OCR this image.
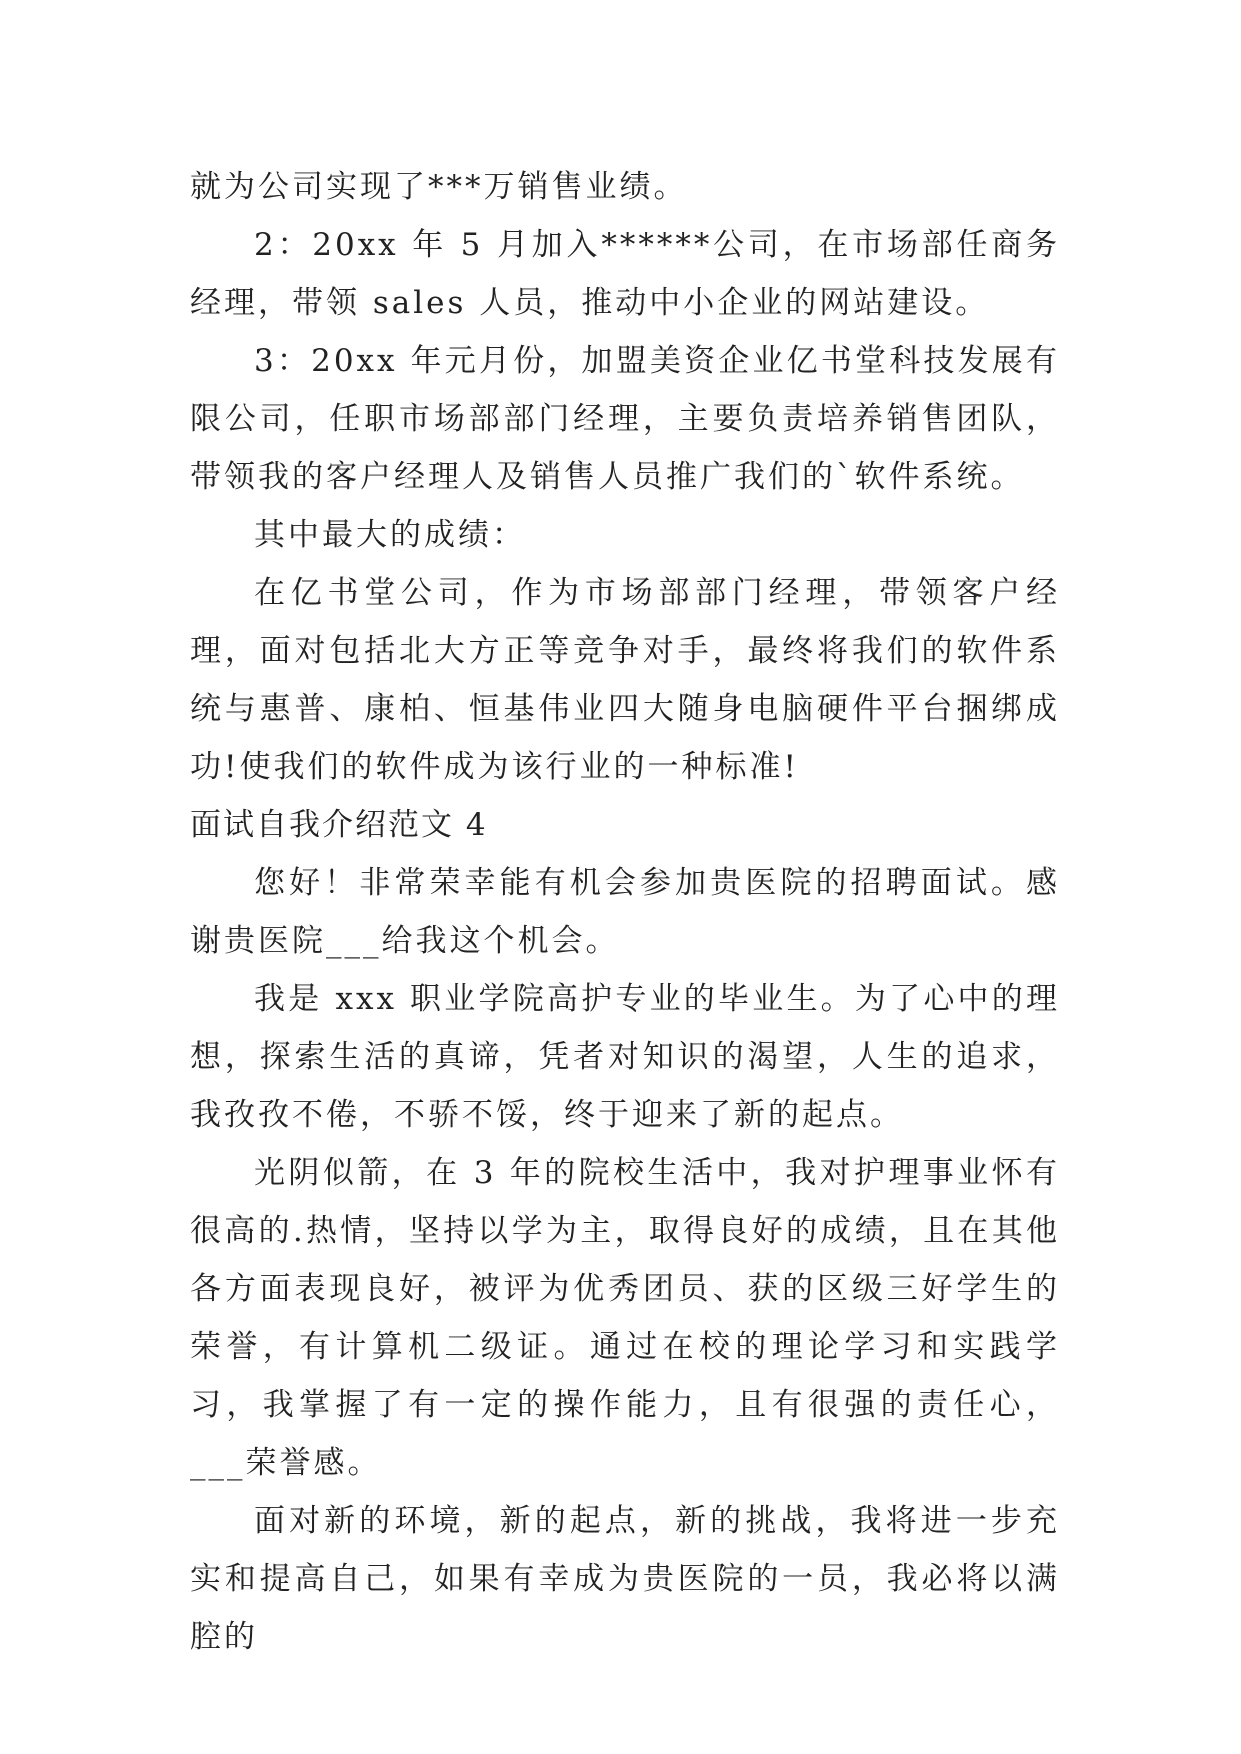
就为公司实现了***万销售业绩。

2：20xx 年 5 月加入******公司，在市场部任商务经理，带领 sales 人员，推动中小企业的网站建设。

3：20xx 年元月份，加盟美资企业亿书堂科技发展有限公司，任职市场部部门经理，主要负责培养销售团队，带领我的客户经理人及销售人员推广我们的`软件系统。

其中最大的成绩：

在亿书堂公司，作为市场部部门经理，带领客户经理，面对包括北大方正等竞争对手，最终将我们的软件系统与惠普、康柏、恒基伟业四大随身电脑硬件平台捆绑成功!使我们的软件成为该行业的一种标准!

面试自我介绍范文 4

您好！非常荣幸能有机会参加贵医院的招聘面试。感谢贵医院___给我这个机会。

我是 xxx 职业学院高护专业的毕业生。为了心中的理想，探索生活的真谛，凭者对知识的渴望，人生的追求，我孜孜不倦，不骄不馁，终于迎来了新的起点。

光阴似箭，在 3 年的院校生活中，我对护理事业怀有很高的.热情，坚持以学为主，取得良好的成绩，且在其他各方面表现良好，被评为优秀团员、获的区级三好学生的荣誉，有计算机二级证。通过在校的理论学习和实践学习，我掌握了有一定的操作能力，且有很强的责任心，___荣誉感。

面对新的环境，新的起点，新的挑战，我将进一步充实和提高自己，如果有幸成为贵医院的一员，我必将以满腔的
